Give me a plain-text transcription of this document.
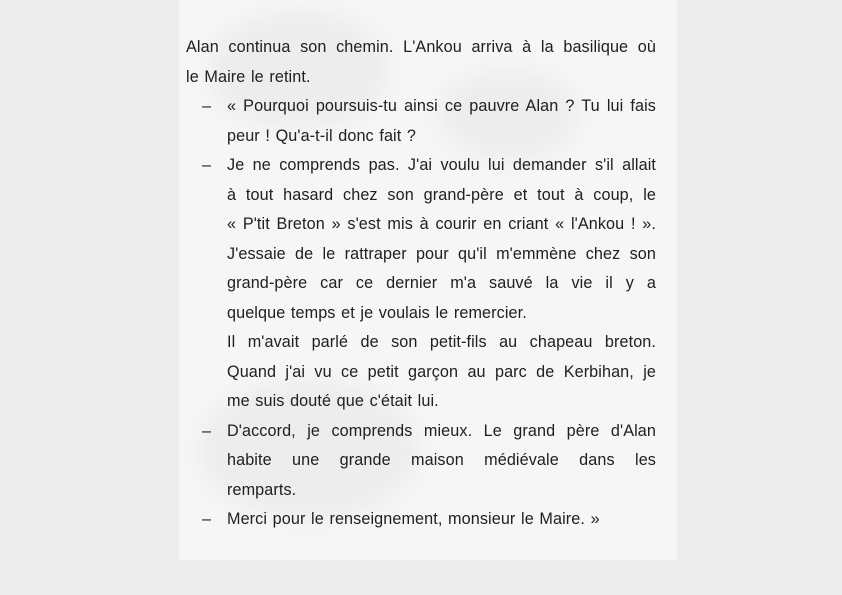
Alan continua son chemin. L'Ankou arriva à la basilique où
le Maire le retint.
– « Pourquoi poursuis-tu ainsi ce pauvre Alan ? Tu lui fais
peur ! Qu'a-t-il donc fait ?
– Je ne comprends pas. J'ai voulu lui demander s'il allait
à tout hasard chez son grand-père et tout à coup, le
« P'tit Breton » s'est mis à courir en criant « l'Ankou ! ».
J'essaie de le rattraper pour qu'il m'emmène chez son
grand-père car ce dernier m'a sauvé la vie il y a
quelque temps et je voulais le remercier.
Il m'avait parlé de son petit-fils au chapeau breton.
Quand j'ai vu ce petit garçon au parc de Kerbihan, je
me suis douté que c'était lui.
– D'accord, je comprends mieux. Le grand père d'Alan
habite une grande maison médiévale dans les
remparts.
– Merci pour le renseignement, monsieur le Maire. »
